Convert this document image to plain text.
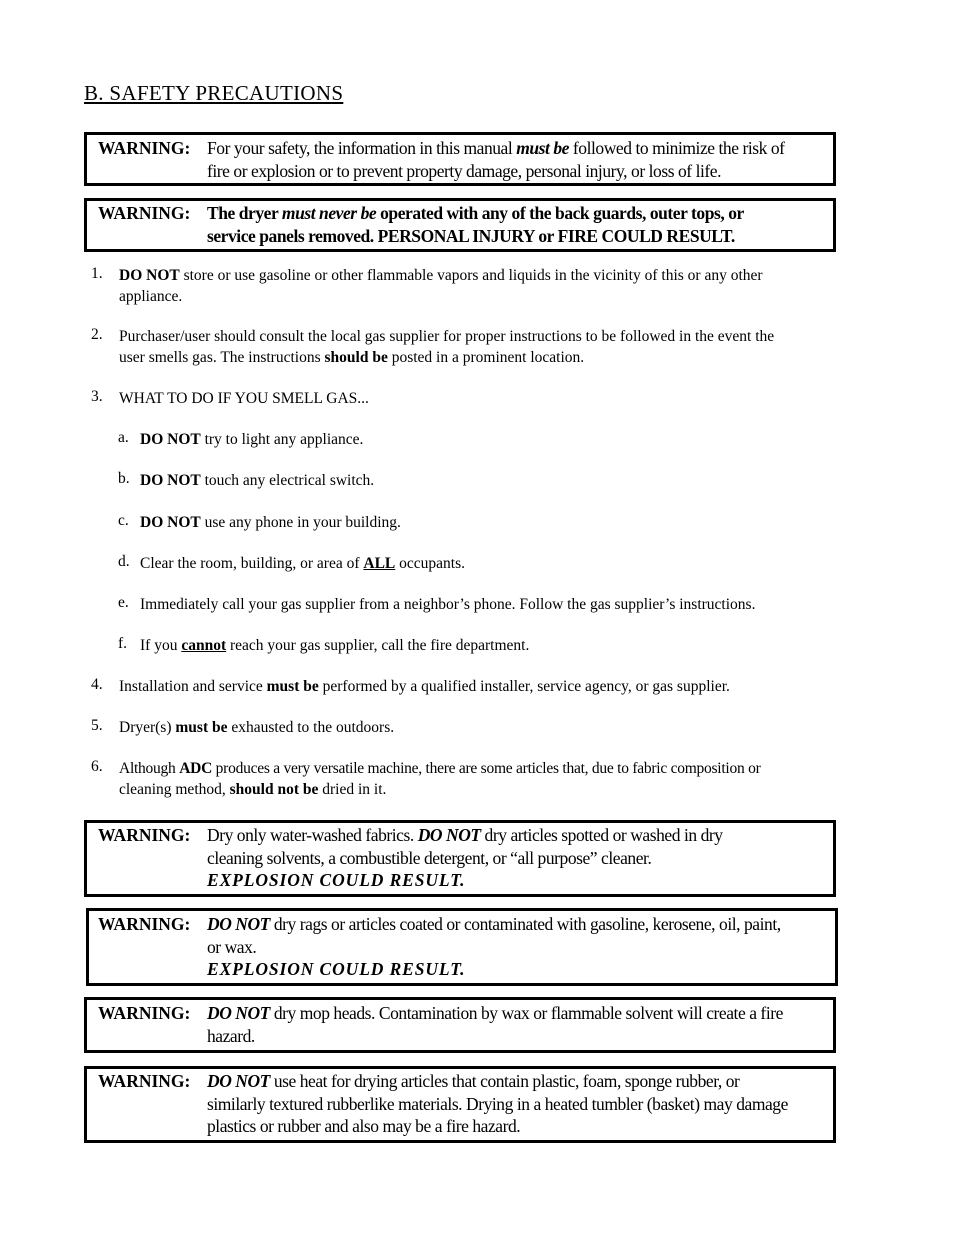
B. SAFETY PRECAUTIONS
WARNING: For your safety, the information in this manual must be followed to minimize the risk of
fire or explosion or to prevent property damage, personal injury, or loss of life.
WARNING: The dryer must never be operated with any of the back guards, outer tops, or
service panels removed. PERSONAL INJURY or FIRE COULD RESULT.
1. DO NOT store or use gasoline or other flammable vapors and liquids in the vicinity of this or any other
appliance.
2. Purchaser/user should consult the local gas supplier for proper instructions to be followed in the event the
user smells gas. The instructions should be posted in a prominent location.
3. WHAT TO DO IF YOU SMELL GAS...
a. DO NOT try to light any appliance.
b. DO NOT touch any electrical switch.
c. DO NOT use any phone in your building.
d. Clear the room, building, or area of ALL occupants.
e. Immediately call your gas supplier from a neighbor’s phone. Follow the gas supplier’s instructions.
f. If you cannot reach your gas supplier, call the fire department.
4. Installation and service must be performed by a qualified installer, service agency, or gas supplier.
5. Dryer(s) must be exhausted to the outdoors.
6. Although ADC produces a very versatile machine, there are some articles that, due to fabric composition or
cleaning method, should not be dried in it.
WARNING: Dry only water-washed fabrics. DO NOT dry articles spotted or washed in dry
cleaning solvents, a combustible detergent, or “all purpose” cleaner.
EXPLOSION COULD RESULT.
WARNING: DO NOT dry rags or articles coated or contaminated with gasoline, kerosene, oil, paint,
or wax.
EXPLOSION COULD RESULT.
WARNING: DO NOT dry mop heads. Contamination by wax or flammable solvent will create a fire
hazard.
WARNING: DO NOT use heat for drying articles that contain plastic, foam, sponge rubber, or
similarly textured rubberlike materials. Drying in a heated tumbler (basket) may damage
plastics or rubber and also may be a fire hazard.
